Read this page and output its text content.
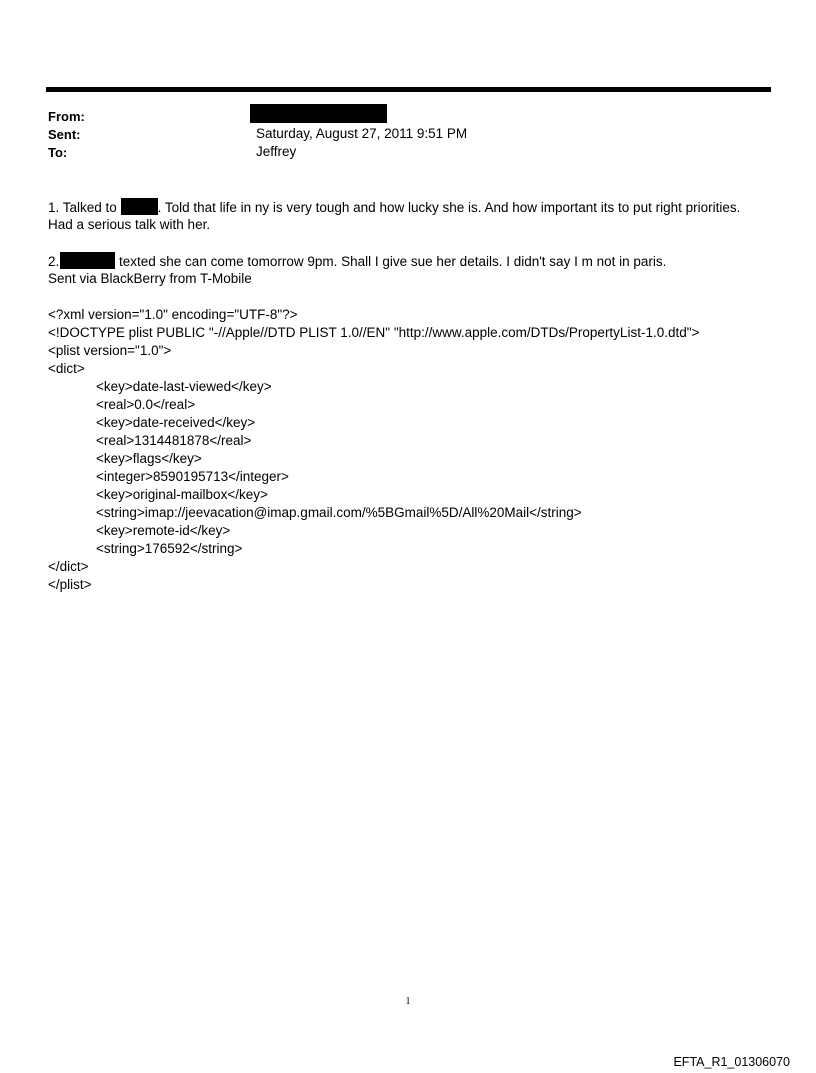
From:
Sent:	Saturday, August 27, 2011 9:51 PM
To:	Jeffrey
1. Talked to	. Told that life in ny is very tough and how lucky she is. And how important its to put right priorities.
Had a serious talk with her.
2.	texted she can come tomorrow 9pm. Shall I give sue her details. I didn't say I m not in paris.
Sent via BlackBerry from T-Mobile
<?xml version="1.0" encoding="UTF-8"?>
<!DOCTYPE plist PUBLIC "-//Apple//DTD PLIST 1.0//EN" "http://www.apple.com/DTDs/PropertyList-1.0.dtd">
<plist version="1.0">
<dict>
<key>date-last-viewed</key>
<real>0.0</real>
<key>date-received</key>
<real>1314481878</real>
<key>flags</key>
<integer>8590195713</integer>
<key>original-mailbox</key>
<string>imap://jeevacation@imap.gmail.com/%5BGmail%5D/All%20Mail</string>
<key>remote-id</key>
<string>176592</string>
</dict>
</plist>
1
EFTA_R1_01306070
